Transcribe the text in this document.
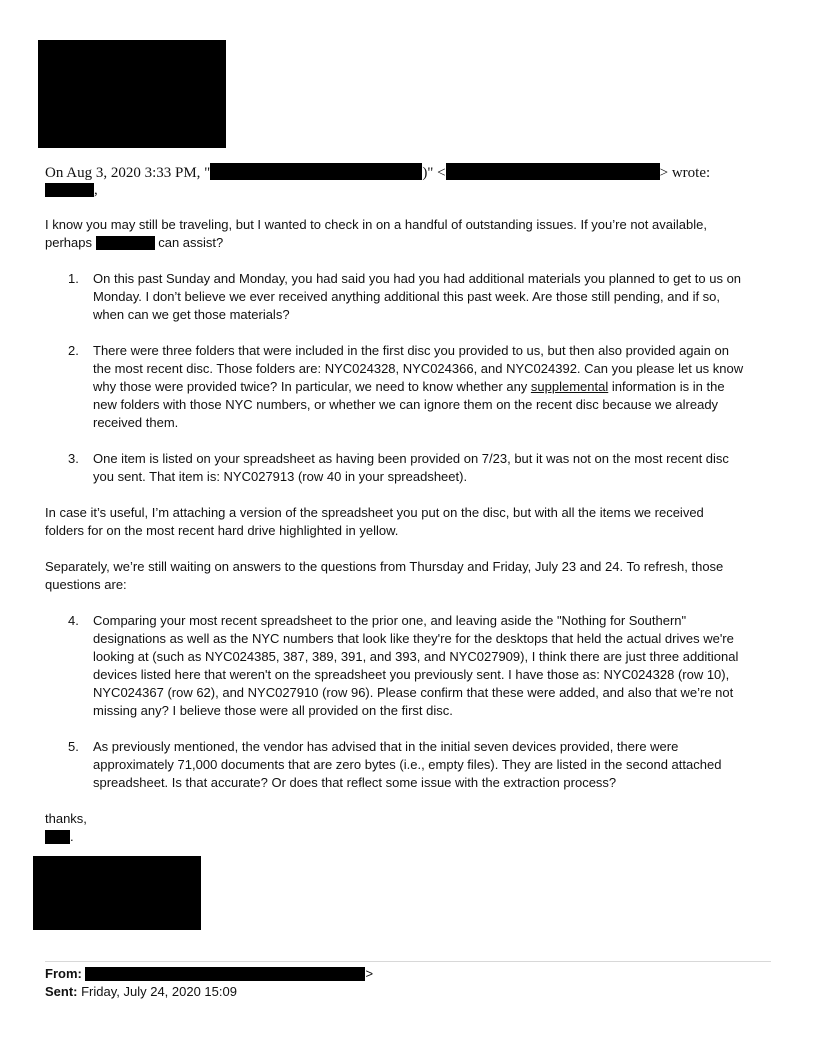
On Aug 3, 2020 3:33 PM, "	)" <	> wrote:
,
I know you may still be traveling, but I wanted to check in on a handful of outstanding issues. If you’re not available,
perhaps	can assist?
1. On this past Sunday and Monday, you had said you had you had additional materials you planned to get to us on
Monday. I don’t believe we ever received anything additional this past week. Are those still pending, and if so,
when can we get those materials?
2. There were three folders that were included in the first disc you provided to us, but then also provided again on
the most recent disc. Those folders are: NYC024328, NYC024366, and NYC024392. Can you please let us know
why those were provided twice? In particular, we need to know whether any supplemental information is in the
new folders with those NYC numbers, or whether we can ignore them on the recent disc because we already
received them.
3. One item is listed on your spreadsheet as having been provided on 7/23, but it was not on the most recent disc
you sent. That item is: NYC027913 (row 40 in your spreadsheet).
In case it’s useful, I’m attaching a version of the spreadsheet you put on the disc, but with all the items we received
folders for on the most recent hard drive highlighted in yellow.
Separately, we’re still waiting on answers to the questions from Thursday and Friday, July 23 and 24. To refresh, those
questions are:
4. Comparing your most recent spreadsheet to the prior one, and leaving aside the "Nothing for Southern"
designations as well as the NYC numbers that look like they're for the desktops that held the actual drives we're
looking at (such as NYC024385, 387, 389, 391, and 393, and NYC027909), I think there are just three additional
devices listed here that weren't on the spreadsheet you previously sent. I have those as: NYC024328 (row 10),
NYC024367 (row 62), and NYC027910 (row 96). Please confirm that these were added, and also that we’re not
missing any? I believe those were all provided on the first disc.
5. As previously mentioned, the vendor has advised that in the initial seven devices provided, there were
approximately 71,000 documents that are zero bytes (i.e., empty files). They are listed in the second attached
spreadsheet. Is that accurate? Or does that reflect some issue with the extraction process?
thanks,
.
From:	>
Sent: Friday, July 24, 2020 15:09
